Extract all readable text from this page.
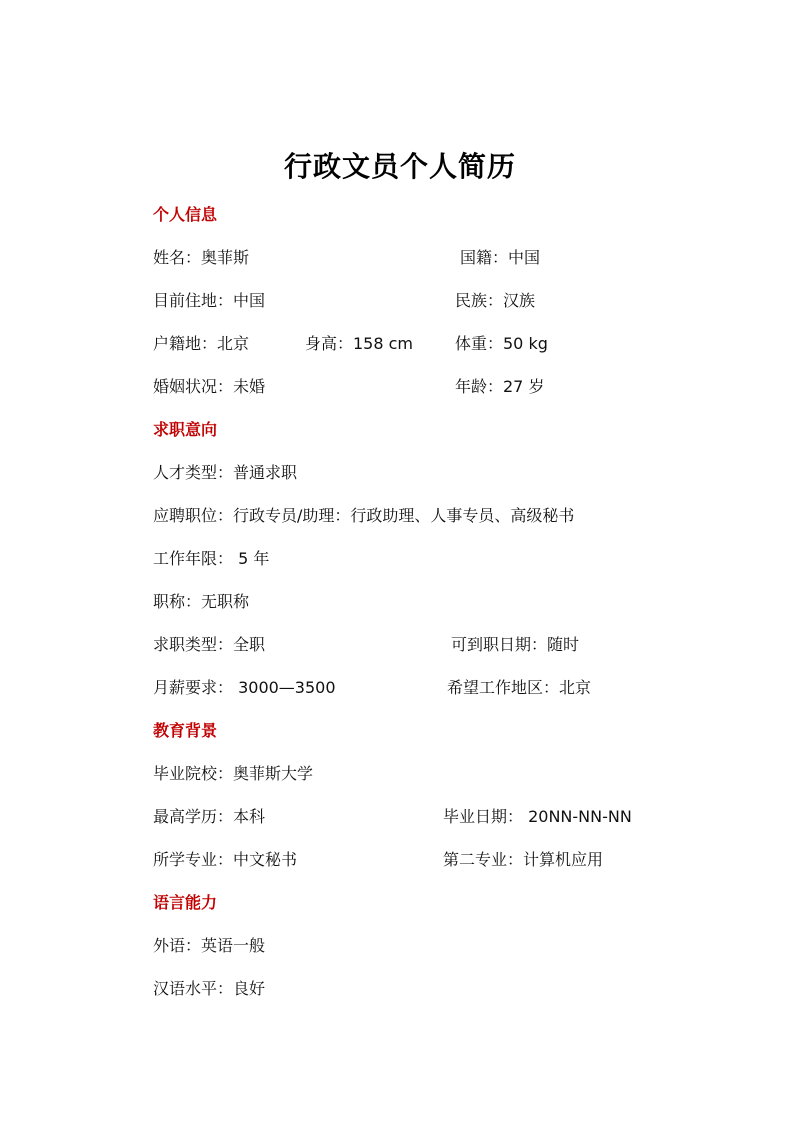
行政文员个人简历
个人信息
姓名：奥菲斯	国籍：中国
目前住地：中国	民族：汉族
户籍地：北京	身高：158 cm	体重：50 kg
婚姻状况：未婚	年龄：27 岁
求职意向
人才类型：普通求职
应聘职位：行政专员/助理：行政助理、人事专员、高级秘书
工作年限： 5 年
职称：无职称
求职类型：全职	可到职日期：随时
月薪要求： 3000—3500	希望工作地区：北京
教育背景
毕业院校：奥菲斯大学
最高学历：本科	毕业日期： 20NN-NN-NN
所学专业：中文秘书	第二专业：计算机应用
语言能力
外语：英语一般
汉语水平：良好
